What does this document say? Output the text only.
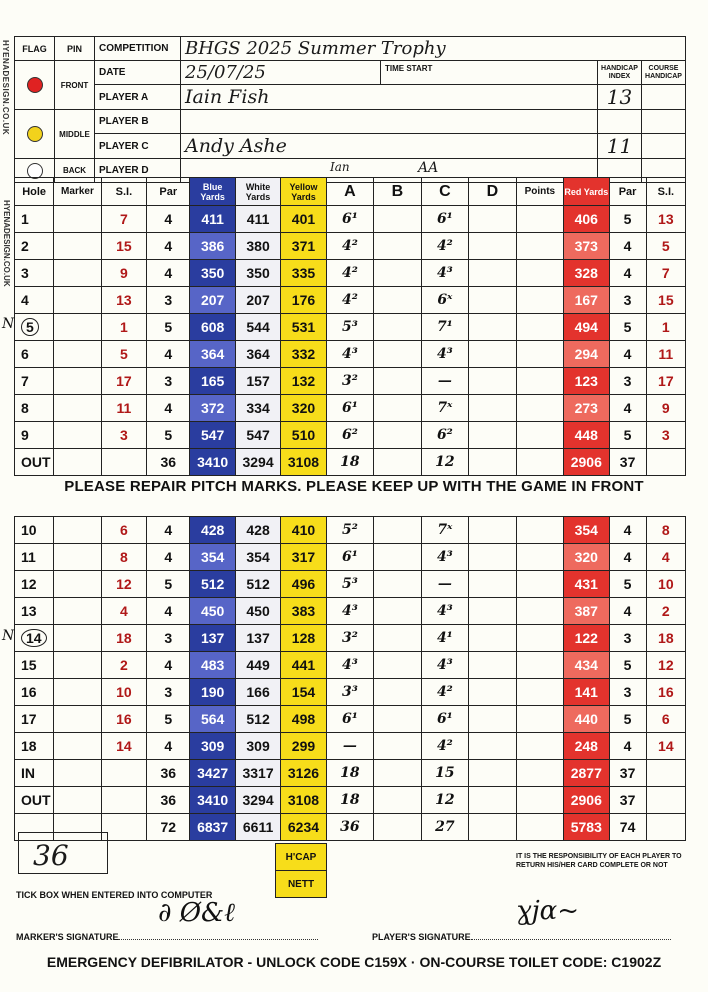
HYENADESIGN.CO.UK
HYENADESIGN.CO.UK
FLAG	PIN	COMPETITION	BHGS 2025 Summer Trophy			
	FRONT	DATE	25/07/25	TIME START	HANDICAP INDEX	COURSE HANDICAP
		PLAYER A	Iain Fish		13	
	MIDDLE	PLAYER B				
		PLAYER C	Andy Ashe		11	
	BACK	PLAYER D					Ian	AA
Hole	Marker	S.I.	Par	Blue Yards	White Yards	Yellow Yards	A	B	C	D	Points	Red Yards	Par	S.I.
1		7	4	411	411	401	6¹		6¹			406	5	13
2		15	4	386	380	371	4²		4²			373	4	5
3		9	4	350	350	335	4²		4³			328	4	7
4		13	3	207	207	176	4²		6ˣ			167	3	15
5		1	5	608	544	531	5³		7¹			494	5	1
6		5	4	364	364	332	4³		4³			294	4	11
7		17	3	165	157	132	3²		—			123	3	17
8		11	4	372	334	320	6¹		7ˣ			273	4	9
9		3	5	547	547	510	6²		6²			448	5	3
OUT			36	3410	3294	3108	18		12			2906	37	
PLEASE REPAIR PITCH MARKS. PLEASE KEEP UP WITH THE GAME IN FRONT
10		6	4	428	428	410	5²		7ˣ			354	4	8
11		8	4	354	354	317	6¹		4³			320	4	4
12		12	5	512	512	496	5³		—			431	5	10
13		4	4	450	450	383	4³		4³			387	4	2
14		18	3	137	137	128	3²		4¹			122	3	18
15		2	4	483	449	441	4³		4³			434	5	12
16		10	3	190	166	154	3³		4²			141	3	16
17		16	5	564	512	498	6¹		6¹			440	5	6
18		14	4	309	309	299	—		4²			248	4	14
IN			36	3427	3317	3126	18		15			2877	37	
OUT			36	3410	3294	3108	18		12			2906	37	
			72	6837	6611	6234	36		27			5783	74	
N
N
36	H'CAP
NETT
IT IS THE RESPONSIBILITY OF EACH PLAYER TO RETURN HIS/HER CARD COMPLETE OR NOT
TICK BOX WHEN ENTERED INTO COMPUTER
MARKER'S SIGNATURE
∂ Ø&ℓ
PLAYER'S SIGNATURE
ɣjα~
EMERGENCY DEFIBRILATOR - UNLOCK CODE C159X · ON-COURSE TOILET CODE: C1902Z
